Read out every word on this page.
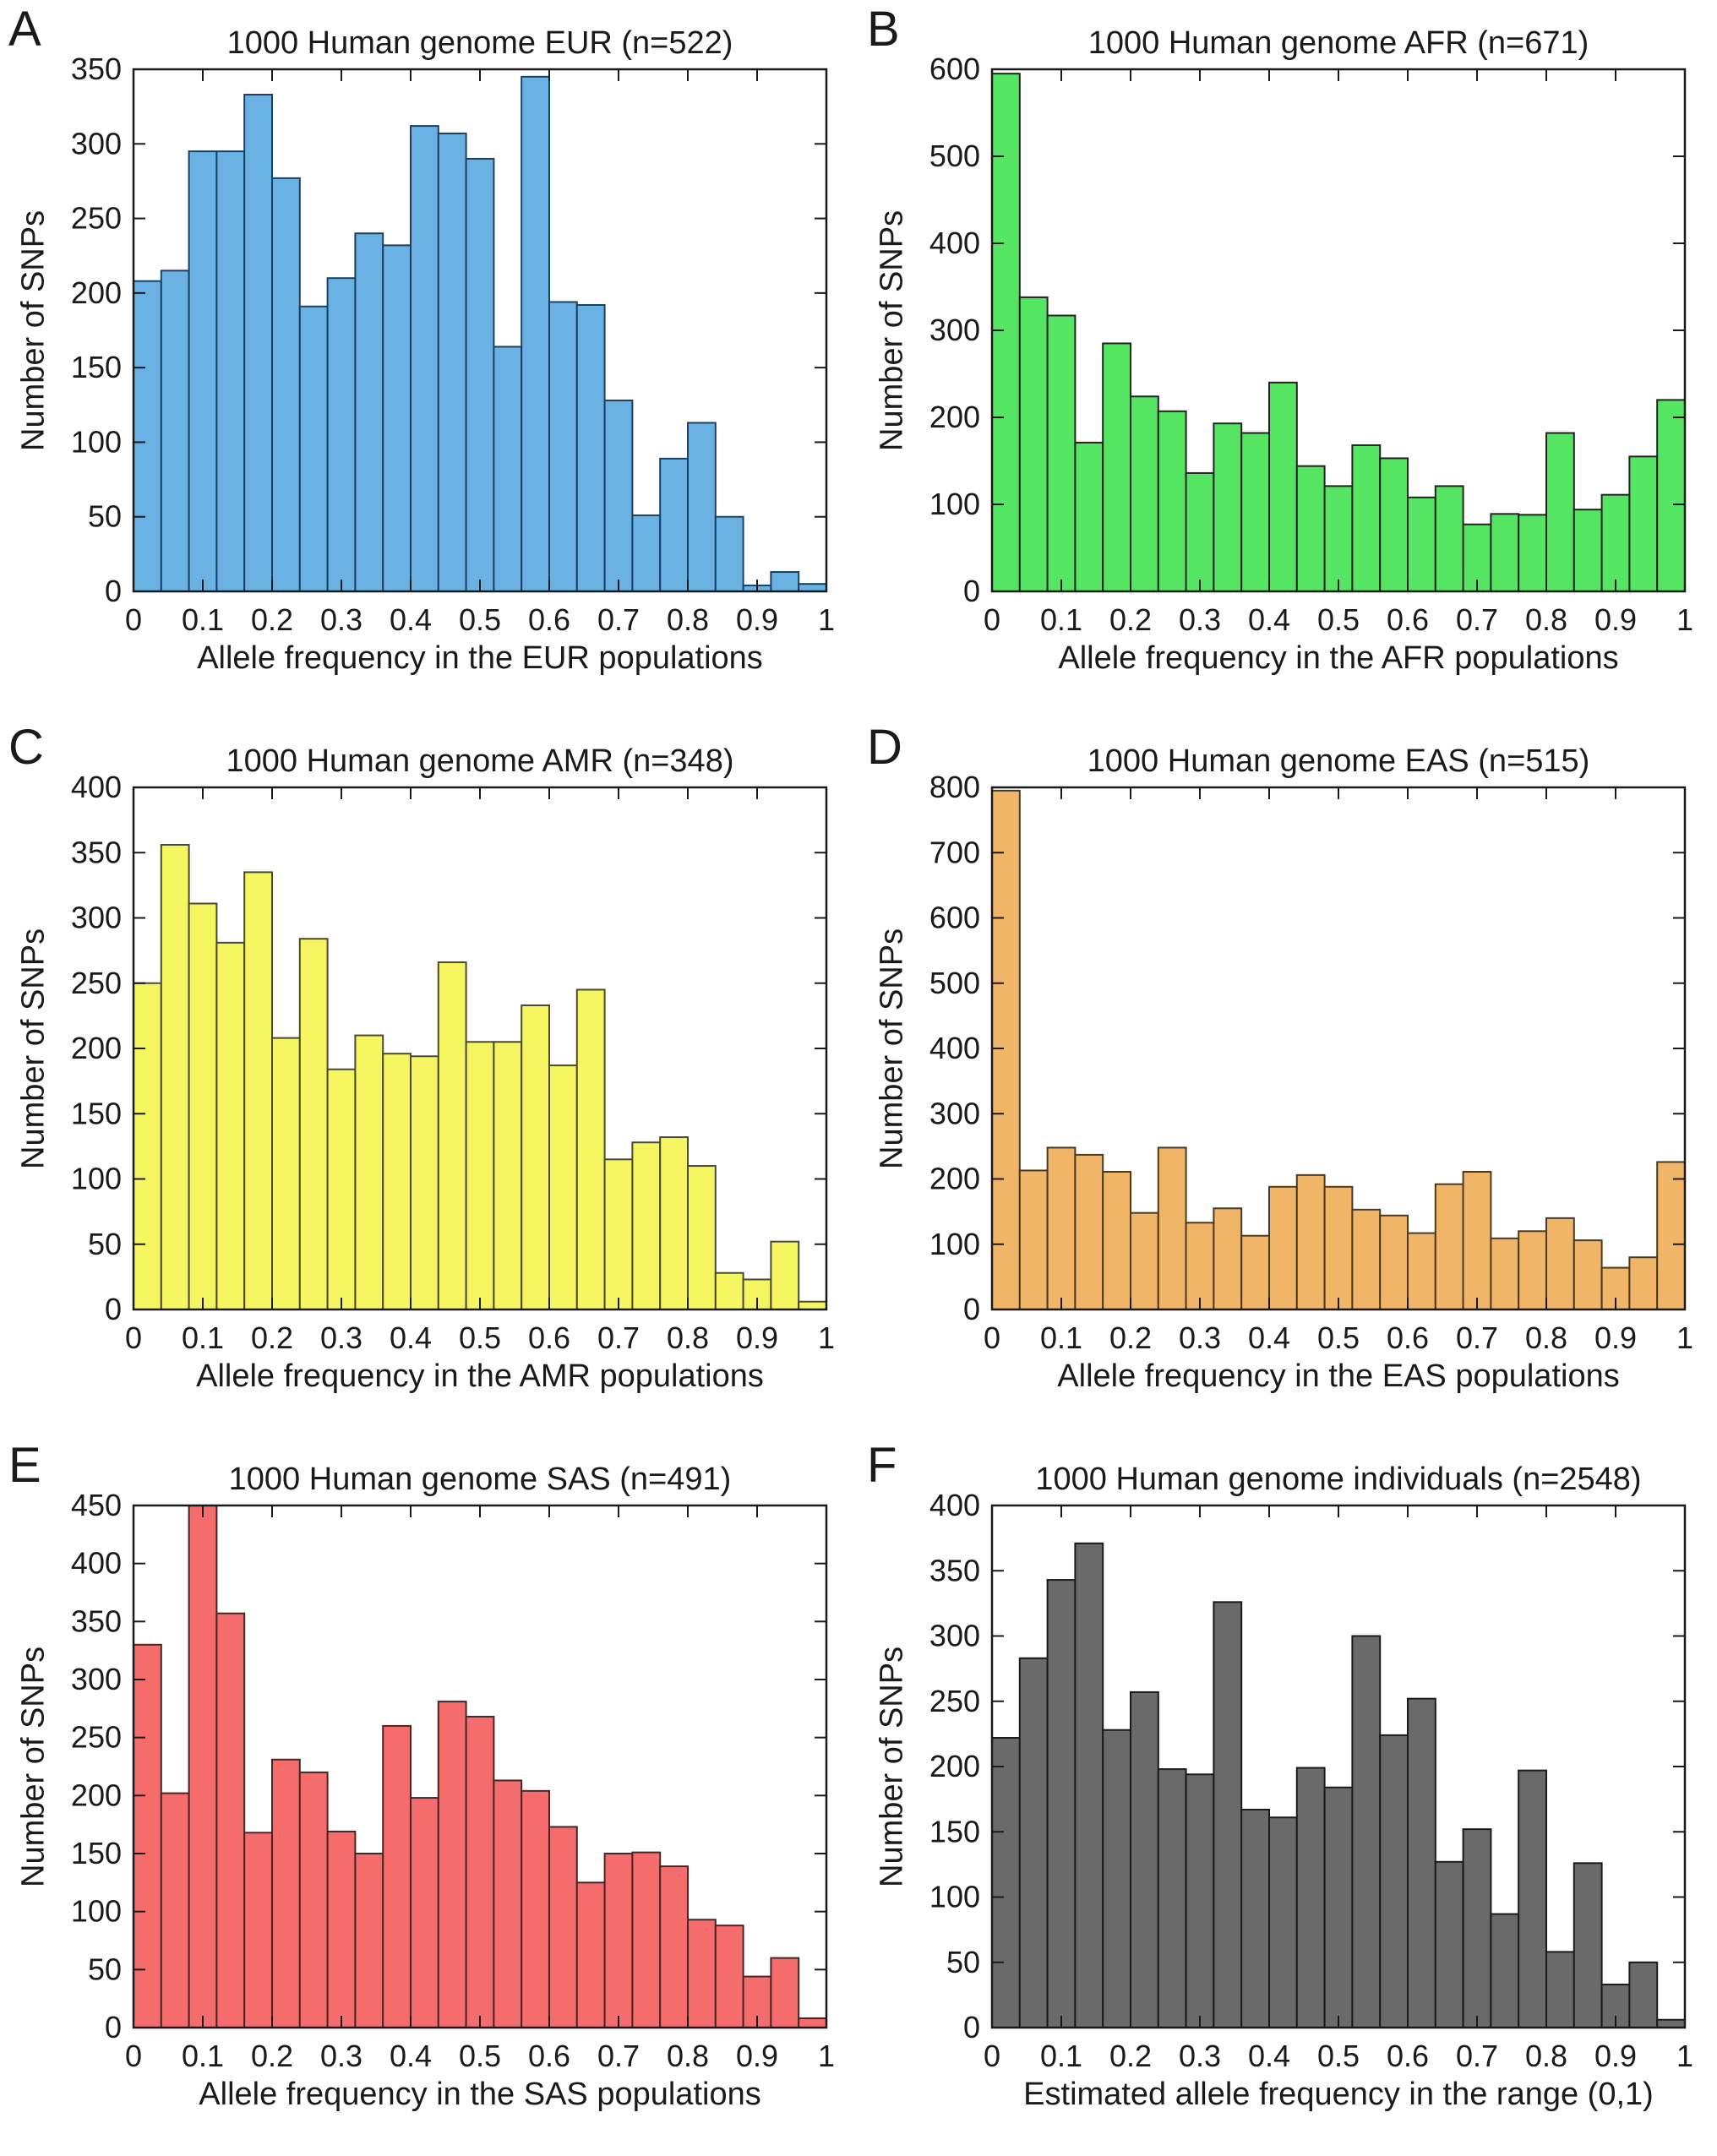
A	1000 Human genome EUR (n=522)
Number of SNPs
0
50
100
150
200
250
300
350
0 0.1 0.2 0.3 0.4 0.5 0.6 0.7 0.8 0.9 1
Allele frequency in the EUR populations
B	1000 Human genome AFR (n=671)
Number of SNPs
0
100
200
300
400
500
600
0 0.1 0.2 0.3 0.4 0.5 0.6 0.7 0.8 0.9 1
Allele frequency in the AFR populations
C	1000 Human genome AMR (n=348)
Number of SNPs
0
50
100
150
200
250
300
350
400
0 0.1 0.2 0.3 0.4 0.5 0.6 0.7 0.8 0.9 1
Allele frequency in the AMR populations
D	1000 Human genome EAS (n=515)
Number of SNPs
0
100
200
300
400
500
600
700
800
0 0.1 0.2 0.3 0.4 0.5 0.6 0.7 0.8 0.9 1
Allele frequency in the EAS populations
E	1000 Human genome SAS (n=491)
Number of SNPs
0
50
100
150
200
250
300
350
400
450
0 0.1 0.2 0.3 0.4 0.5 0.6 0.7 0.8 0.9 1
Allele frequency in the SAS populations
F	1000 Human genome individuals (n=2548)
Number of SNPs
0
50
100
150
200
250
300
350
400
0 0.1 0.2 0.3 0.4 0.5 0.6 0.7 0.8 0.9 1
Estimated allele frequency in the range (0,1)
